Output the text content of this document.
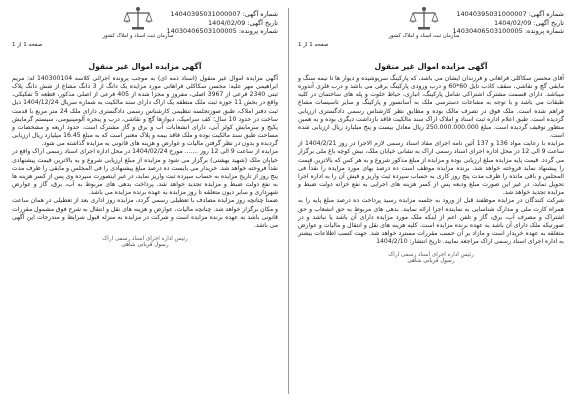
شماره آگهی: 14040395031000007
تاریخ آگهی: 1404/02/09
شماره پرونده: 14030406503100005
سازمان ثبت اسناد و املاک کشور
صفحه 1 از 1
آگهی مزایده اموال غیر منقول

آگهی مزایده اموال غیر منقول (اسناد ذمه ای) به موجب پرونده اجرائی کلاسه 140300104 له: مریم ابراهیمی مهر علیه: محسن سکاکلی فراهانی مورد مزایده یک دانگ از 3 دانگ مشاع از شش دانگ پلاک ثبتی 2340 فرعی از 3967 اصلی، مفروز و مجزا شده از 405 فرعی از اصلی مذکور، قطعه 5 تفکیکی، واقع در بخش 11 حوزه ثبت ملک منطقه یک اراک دارای سند مالکیت به شماره سریال 1404/12/24 ذیل ثبت دفتر املاک، طبق صورتجلسه تنظیمی کارشناس رسمی دادگستری دارای ملک 24 متر مربع با قدمت ساخت در حدود 10 سال؛ کف سرامیک، دیوارها گچ و نقاشی، درب و پنجره آلومینیومی، سیستم گرمایش پکیج و سرمایش کولر آبی، دارای انشعابات آب و برق و گاز مشترک است. حدود اربعه و مشخصات و مساحت طبق سند مالکیت بوده و ملک فاقد بیمه و پلاک معتبر است که به مبلغ 16.45 میلیارد ریال ارزیابی گردیده و بدون در نظر گرفتن مالیات و عوارض و هزینه های قانونی به مزایده گذاشته می شود.

مزایده از ساعت 9 الی 12 روز ....... مورخ 1404/02/24 در محل اداره اجرای اسناد رسمی اراک واقع در خیابان ملک (شهید بهشتی) برگزار می شود و مزایده از مبلغ ارزیابی شروع و به بالاترین قیمت پیشنهادی نقداً فروخته خواهد شد. خریدار می بایست ده درصد مبلغ پیشنهادی را فی المجلس و مابقی را ظرف مدت پنج روز از تاریخ مزایده به حساب سپرده ثبت واریز نماید، در غیر اینصورت سپرده وی پس از کسر هزینه ها به نفع دولت ضبط و مزایده تجدید خواهد شد. پرداخت بدهی های مربوط به آب، برق، گاز و عوارض شهرداری و سایر دیون متعلقه تا روز مزایده به عهده برنده مزایده می باشد.

ضمناً چنانچه روز مزایده مصادف با تعطیلی رسمی گردد، مزایده روز اداری بعد از تعطیلی در همان ساعت و مکان برگزار خواهد شد. چنانچه مالیات، عوارض و هزینه های نقل و انتقال به شرح فوق مشمول مقررات قانونی باشد به عهده برنده مزایده است و شرکت در مزایده به منزله قبول شرایط و مندرجات این آگهی می باشد.

رئیس اداره اجرای اسناد رسمی اراک
رسول قربانی شاهی
شماره آگهی: 14040395031000007
تاریخ آگهی: 1404/02/09
شماره پرونده: 14030406503100005
سازمان ثبت اسناد و املاک کشور
صفحه 1 از 1
آگهی مزایده اموال غیر منقول

آقای محسن سکاکلی فراهانی و فرزندان ایشان می باشد، که پارکینگ سرپوشیده و دیوار ها تا نیمه سنگ و مابقی گچ و نقاشی، سقف کاذب تایل 60*60 و درب ورودی پارکینگ برقی می باشد و درب فلزی آندوره میباشد. دارای قسمت مشترک اشتراکی شامل پارکینگ، انباری، حیاط خلوت و پله های ساختمان در کلیه طبقات می باشد و با توجه به مشاعات دسترسی ملک به آسانسور و پارکینگ و سایر تاسیسات مشاع فراهم شده است. ملک فوق در تصرف مالک بوده و مطابق نظر کارشناس رسمی دادگستری ارزیابی گردیده است. طبق اعلام اداره ثبت اسناد و املاک اراک سند مالکیت فاقد بازداشت دیگری بوده و به همین منظور توقیف گردیده است. مبلغ 250.000.000.000 ریال معادل بیست و پنج میلیارد ریال ارزیابی شده است.

مزایده با رعایت مواد 136 و 137 آئین نامه اجرای مفاد اسناد رسمی لازم الاجرا در روز 1404/2/21 از ساعت 9 الی 12 در محل اداره اجرای اسناد رسمی اراک به نشانی خیابان ملک، نبش کوچه باغ ملی برگزار می گردد. قیمت پایه مزایده مبلغ ارزیابی بوده و مزایده از مبلغ مذکور شروع و به هر کس که بالاترین قیمت را پیشنهاد نماید فروخته خواهد شد. برنده مزایده موظف است ده درصد بهای مورد مزایده را نقداً فی المجلس و باقی مانده را ظرف مدت پنج روز کاری به حساب سپرده ثبت واریز و فیش آن را به اداره اجرا تحویل نماید، در غیر این صورت مبلغ ودیعه پس از کسر هزینه های اجرایی به نفع خزانه دولت ضبط و مزایده تجدید خواهد شد.

شرکت کنندگان در مزایده موظفند قبل از ورود به جلسه مزایده رسید پرداخت ده درصد مبلغ پایه را به همراه کارت ملی و مدارک شناسایی به نماینده اجرا ارائه نمایند. بدهی های مربوط به حق انشعاب و حق اشتراک و مصرف آب، برق، گاز و تلفن اعم از اینکه ملک مورد مزایده دارای آن باشد یا نباشد و در صورتیکه ملک دارای آن باشد به عهده برنده مزایده است. کلیه هزینه های نقل و انتقال و مالیات و عوارض متعلقه به عهده خریدار است و مازاد بر آن حسب مقررات مسترد خواهد شد. جهت کسب اطلاعات بیشتر به اداره اجرای اسناد رسمی اراک مراجعه نمایید. تاریخ انتشار: 1404/2/10

رئیس اداره اجرای اسناد رسمی اراک
رسول قربانی شاهی
